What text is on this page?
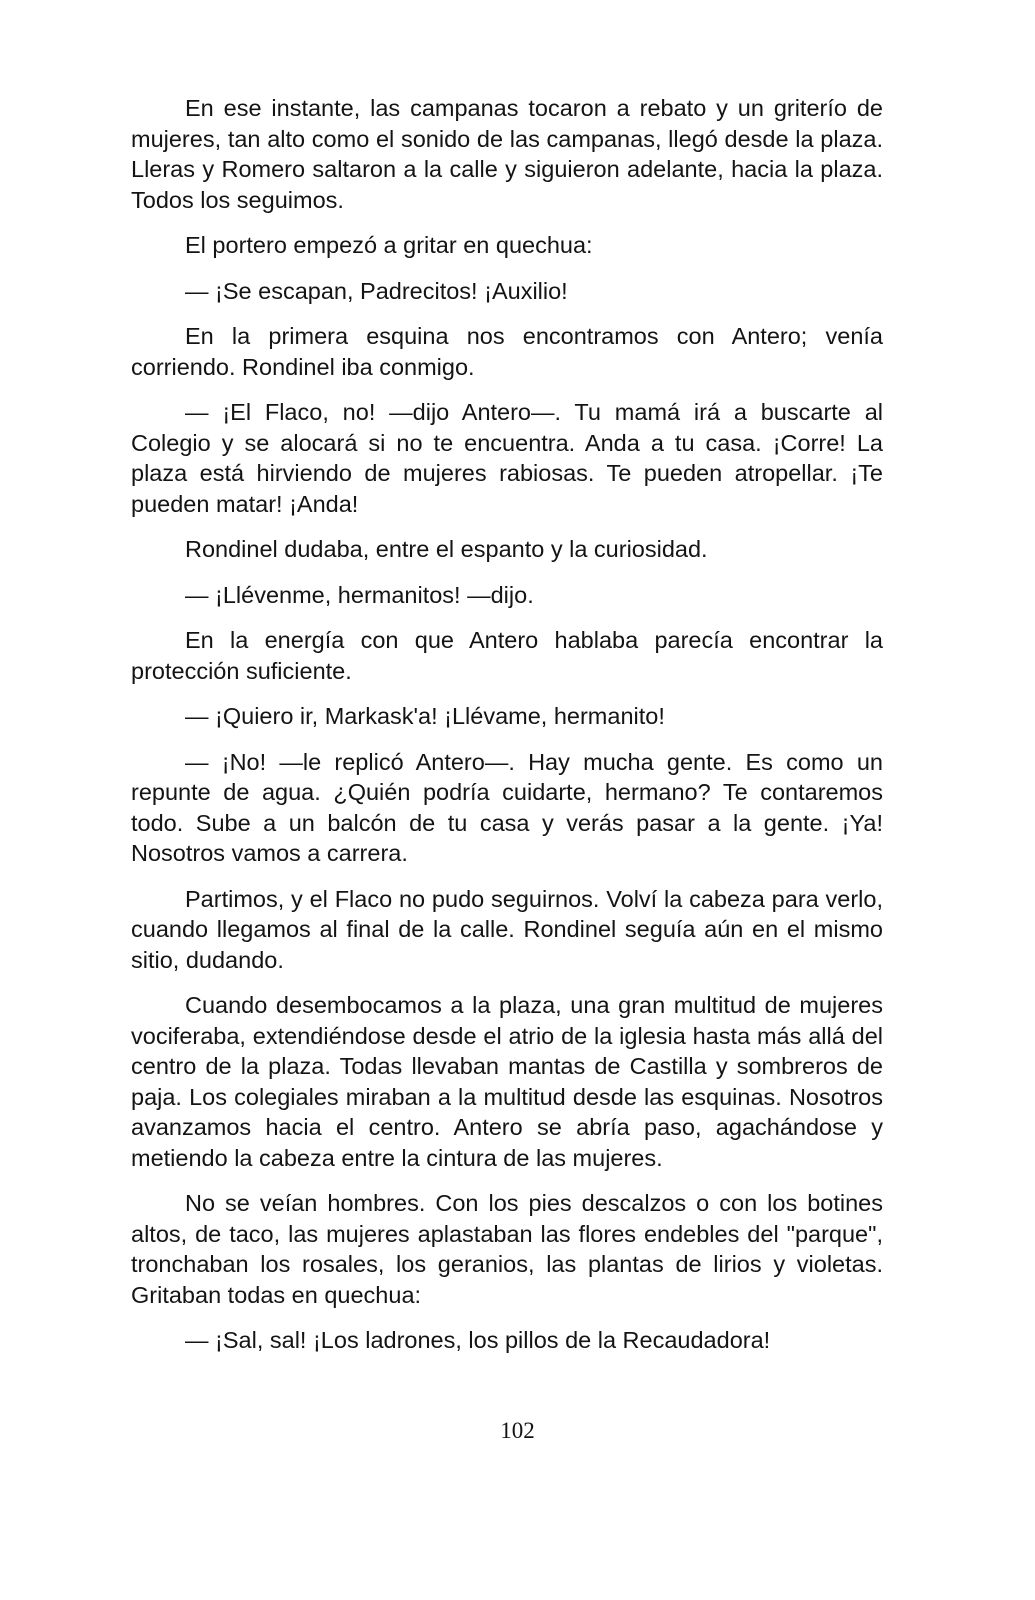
En ese instante, las campanas tocaron a rebato y un griterío de mujeres, tan alto como el sonido de las campanas, llegó desde la plaza. Lleras y Romero saltaron a la calle y siguieron adelante, hacia la plaza. Todos los seguimos.

El portero empezó a gritar en quechua:

— ¡Se escapan, Padrecitos! ¡Auxilio!

En la primera esquina nos encontramos con Antero; venía corriendo. Rondinel iba conmigo.

— ¡El Flaco, no! —dijo Antero—. Tu mamá irá a buscarte al Colegio y se alocará si no te encuentra. Anda a tu casa. ¡Corre! La plaza está hirviendo de mujeres rabiosas. Te pueden atropellar. ¡Te pueden matar! ¡Anda!

Rondinel dudaba, entre el espanto y la curiosidad.

— ¡Llévenme, hermanitos! —dijo.

En la energía con que Antero hablaba parecía encontrar la protección suficiente.

— ¡Quiero ir, Markask'a! ¡Llévame, hermanito!

— ¡No! —le replicó Antero—. Hay mucha gente. Es como un repunte de agua. ¿Quién podría cuidarte, hermano? Te contaremos todo. Sube a un balcón de tu casa y verás pasar a la gente. ¡Ya! Nosotros vamos a carrera.

Partimos, y el Flaco no pudo seguirnos. Volví la cabeza para verlo, cuando llegamos al final de la calle. Rondinel seguía aún en el mismo sitio, dudando.

Cuando desembocamos a la plaza, una gran multitud de mujeres vociferaba, extendiéndose desde el atrio de la iglesia hasta más allá del centro de la plaza. Todas llevaban mantas de Castilla y sombreros de paja. Los colegiales miraban a la multitud desde las esquinas. Nosotros avanzamos hacia el centro. Antero se abría paso, agachándose y metiendo la cabeza entre la cintura de las mujeres.

No se veían hombres. Con los pies descalzos o con los botines altos, de taco, las mujeres aplastaban las flores endebles del "parque", tronchaban los rosales, los geranios, las plantas de lirios y violetas. Gritaban todas en quechua:

— ¡Sal, sal! ¡Los ladrones, los pillos de la Recaudadora!

102
